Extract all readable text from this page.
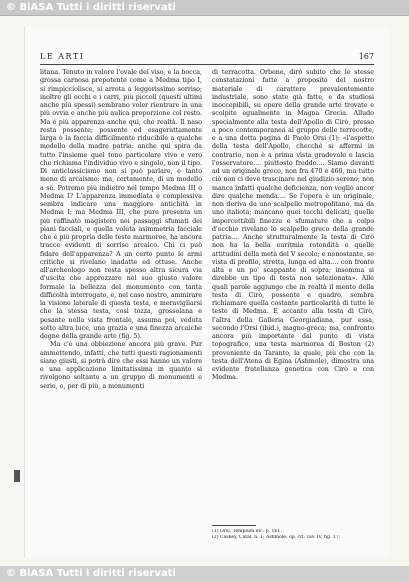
© BiASA Tutti i diritti riservati
LE ARTI	167

litana. Tenuto in valore l'ovale del viso, e la bocca, grossa carnosa prepotente come a Medma tipo I, si rimpicciolisce, si arrota a leggerissimo sorriso; inoltre gli occhi e i carri, più piccoli (questi ultimi anche più spessi) sembrano voler rientrare in una più ovvia e anche più aulica proporzione col resto. Ma è più apparenza anche qui, che realtà. Il naso resta possente; possente ed esagerattamente larga è la faccia difficilmente riducibile a qualche modello della madre patria: anche qui spira da tutto l'insieme quel tono particolare vivo e vero che richiama l'individuo vivo e singolo, non il tipo. Di anticlassicismo non si può parlare, e tanto meno di arcaismo: ma, certamente, di un modello a sè. Potremo più indietro nel tempo Medma III o Medma I? L'apparenza immediata e complessiva sembra indicare una maggiore antichità in Medma I; ma Medma III, che pure presenta un più raffinato magistero nei passaggi sfumati dei piani facciali, e quella voluta asimmetria facciale che è più propria delle teste marmoree, ha ancora tracce evidenti di sorriso arcaico. Chi ci può fidare dell'apparenza? A un certo punto le armi critiche si rivelano inadatte ed ottuse. Anche all'archeologo non resta spesso altra sicura via d'uscita che apprezzare nel suo giusto valore formale la bellezza del monumento con tanta difficoltà interrogato, e, nel caso nostro, ammirare la visione laterale di questa testa, e meravigliarsi che la stessa testa, così tozza, grossolana e pesante nella vista frontale, assuma poi, veduta sotto altra luce, una grazia e una finezza arcaiche degne della grande arte (fig. 5).

Ma c'è una obbiezione ancora più grave. Pur ammettendo, infatti, che tutti questi ragionamenti siano giusti, si potrà dire che essi hanno un valore e una applicazione limitatissima in quanto si rivolgono soltanto a un gruppo di monumenti e serie, e, per di più, a monumenti

di terracotta. Orbene, dirò subito che le stesse constatazioni fatte a proposito del nostro materiale di carattere prevalentemente industriale, sono state già fatte, e da studiosi inoccepibili, su opere della grande arte trovate e scolpite egualmente in Magna Grecia. Alludo specialmente alla testa dell'Apollo di Cirò, presso a poco contemporanea al gruppo delle terrecotte, e a una dotta pagina di Paolo Orsi (1): «l'aspetto della testa dell'Apollo, checchè si affermi in contrario, non è a prima vista gradevole e lascia l'osservatore.... piuttosto freddo.... Siamo davanti ad un originale greco, non fra 470 e 460, ma tutto ciò non ci deve trascinare nel giudizio sereno; non manca infatti qualche deficienza, non voglio ancor dire qualche menda.... Se l'opera è un originale, non deriva da uno scalpello metropolitano, ma da uno italiota; mancano quei tocchi delicati, quelle impercettibili finezze e sfumature che a colpo d'occhio rivelano lo scalpello greco della grande patria.... Anche strutturalmente la testa di Cirò non ha la bella euritmia rotondità e quelle attitudini della metà del V secolo; e nonostante, se vista di profilo, stretta, lunga ed alta.... con fronte alta e un po' scappante di sopra; insomma si direbbe un tipo di testa non selezionata». Alle quali parole aggiungo che in realtà il mento della testa di Cirò, possente e quadro, sembra richiamare quella costante particolarità di tutte le teste di Medma. E accanto alla testa di Cirò, l'altra della Galleria Georgiadiana, pur essa, secondo l'Orsi (ibid.), magno-greca; ma, confronto ancora più importante dal punto di vista topografico, una testa marmorea di Boston (2) proveniente da Taranto, la quale, più che con la testa dell'Atena di Egina (Ashmole), dimostra una evidente fratellanza genetica con Cirò e con Medma.

(1) Orsi, Templum etc. p. 161.
(2) Caskey, Catal. n. 1; Ashmole, op. cit. Tav. IV, fig. 17.
© BiASA Tutti i diritti riservati
